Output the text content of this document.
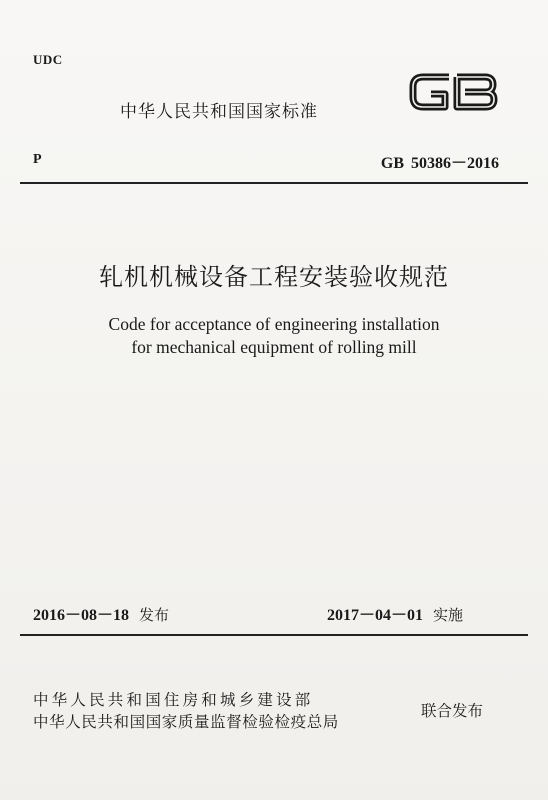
UDC
中华人民共和国国家标准
P	GB 50386－2016
轧机机械设备工程安装验收规范
Code for acceptance of engineering installation
for mechanical equipment of rolling mill
2016－08－18 发布	2017－04－01 实施
中华人民共和国住房和城乡建设部
中华人民共和国国家质量监督检验检疫总局
联合发布
